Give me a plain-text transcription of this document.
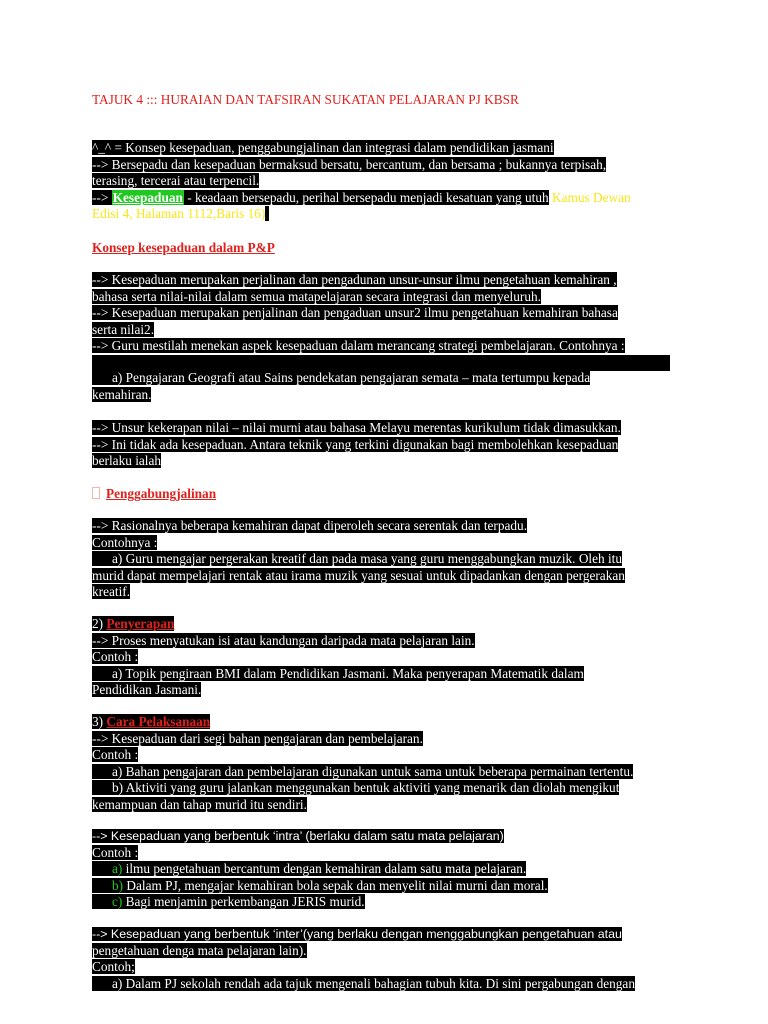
TAJUK 4 ::: HURAIAN DAN TAFSIRAN SUKATAN PELAJARAN PJ KBSR
^_^ = Konsep kesepaduan, penggabungjalinan dan integrasi dalam pendidikan jasmani
--> Bersepadu dan kesepaduan bermaksud bersatu, bercantum, dan bersama ; bukannya terpisah,
terasing, tercerai atau terpencil.
--> Kesepaduan - keadaan bersepadu, perihal bersepadu menjadi kesatuan yang utuh Kamus Dewan
Edisi 4, Halaman 1112,Baris 16)
Konsep kesepaduan dalam P&P
--> Kesepaduan merupakan perjalinan dan pengadunan unsur-unsur ilmu pengetahuan kemahiran ,
bahasa serta nilai-nilai dalam semua matapelajaran secara integrasi dan menyeluruh.
--> Kesepaduan merupakan penjalinan dan pengaduan unsur2 ilmu pengetahuan kemahiran bahasa
serta nilai2.
--> Guru mestilah menekan aspek kesepaduan dalam merancang strategi pembelajaran. Contohnya :
a) Pengajaran Geografi atau Sains pendekatan pengajaran semata – mata tertumpu kepada
kemahiran.
--> Unsur kekerapan nilai – nilai murni atau bahasa Melayu merentas kurikulum tidak dimasukkan.
--> Ini tidak ada kesepaduan. Antara teknik yang terkini digunakan bagi membolehkan kesepaduan
berlaku ialah
Penggabungjalinan
--> Rasionalnya beberapa kemahiran dapat diperoleh secara serentak dan terpadu.
Contohnya :
a) Guru mengajar pergerakan kreatif dan pada masa yang guru menggabungkan muzik. Oleh itu
murid dapat mempelajari rentak atau irama muzik yang sesuai untuk dipadankan dengan pergerakan
kreatif.
2) Penyerapan
--> Proses menyatukan isi atau kandungan daripada mata pelajaran lain.
Contoh :
a) Topik pengiraan BMI dalam Pendidikan Jasmani. Maka penyerapan Matematik dalam
Pendidikan Jasmani.
3) Cara Pelaksanaan
--> Kesepaduan dari segi bahan pengajaran dan pembelajaran.
Contoh :
a) Bahan pengajaran dan pembelajaran digunakan untuk sama untuk beberapa permainan tertentu.
b) Aktiviti yang guru jalankan menggunakan bentuk aktiviti yang menarik dan diolah mengikut
kemampuan dan tahap murid itu sendiri.
--> Kesepaduan yang berbentuk ‘intra’ (berlaku dalam satu mata pelajaran)
Contoh :
a) ilmu pengetahuan bercantum dengan kemahiran dalam satu mata pelajaran.
b) Dalam PJ, mengajar kemahiran bola sepak dan menyelit nilai murni dan moral.
c) Bagi menjamin perkembangan JERIS murid.
--> Kesepaduan yang berbentuk ‘inter’(yang berlaku dengan menggabungkan pengetahuan atau
pengetahuan denga mata pelajaran lain).
Contoh;
a) Dalam PJ sekolah rendah ada tajuk mengenali bahagian tubuh kita. Di sini pergabungan dengan
